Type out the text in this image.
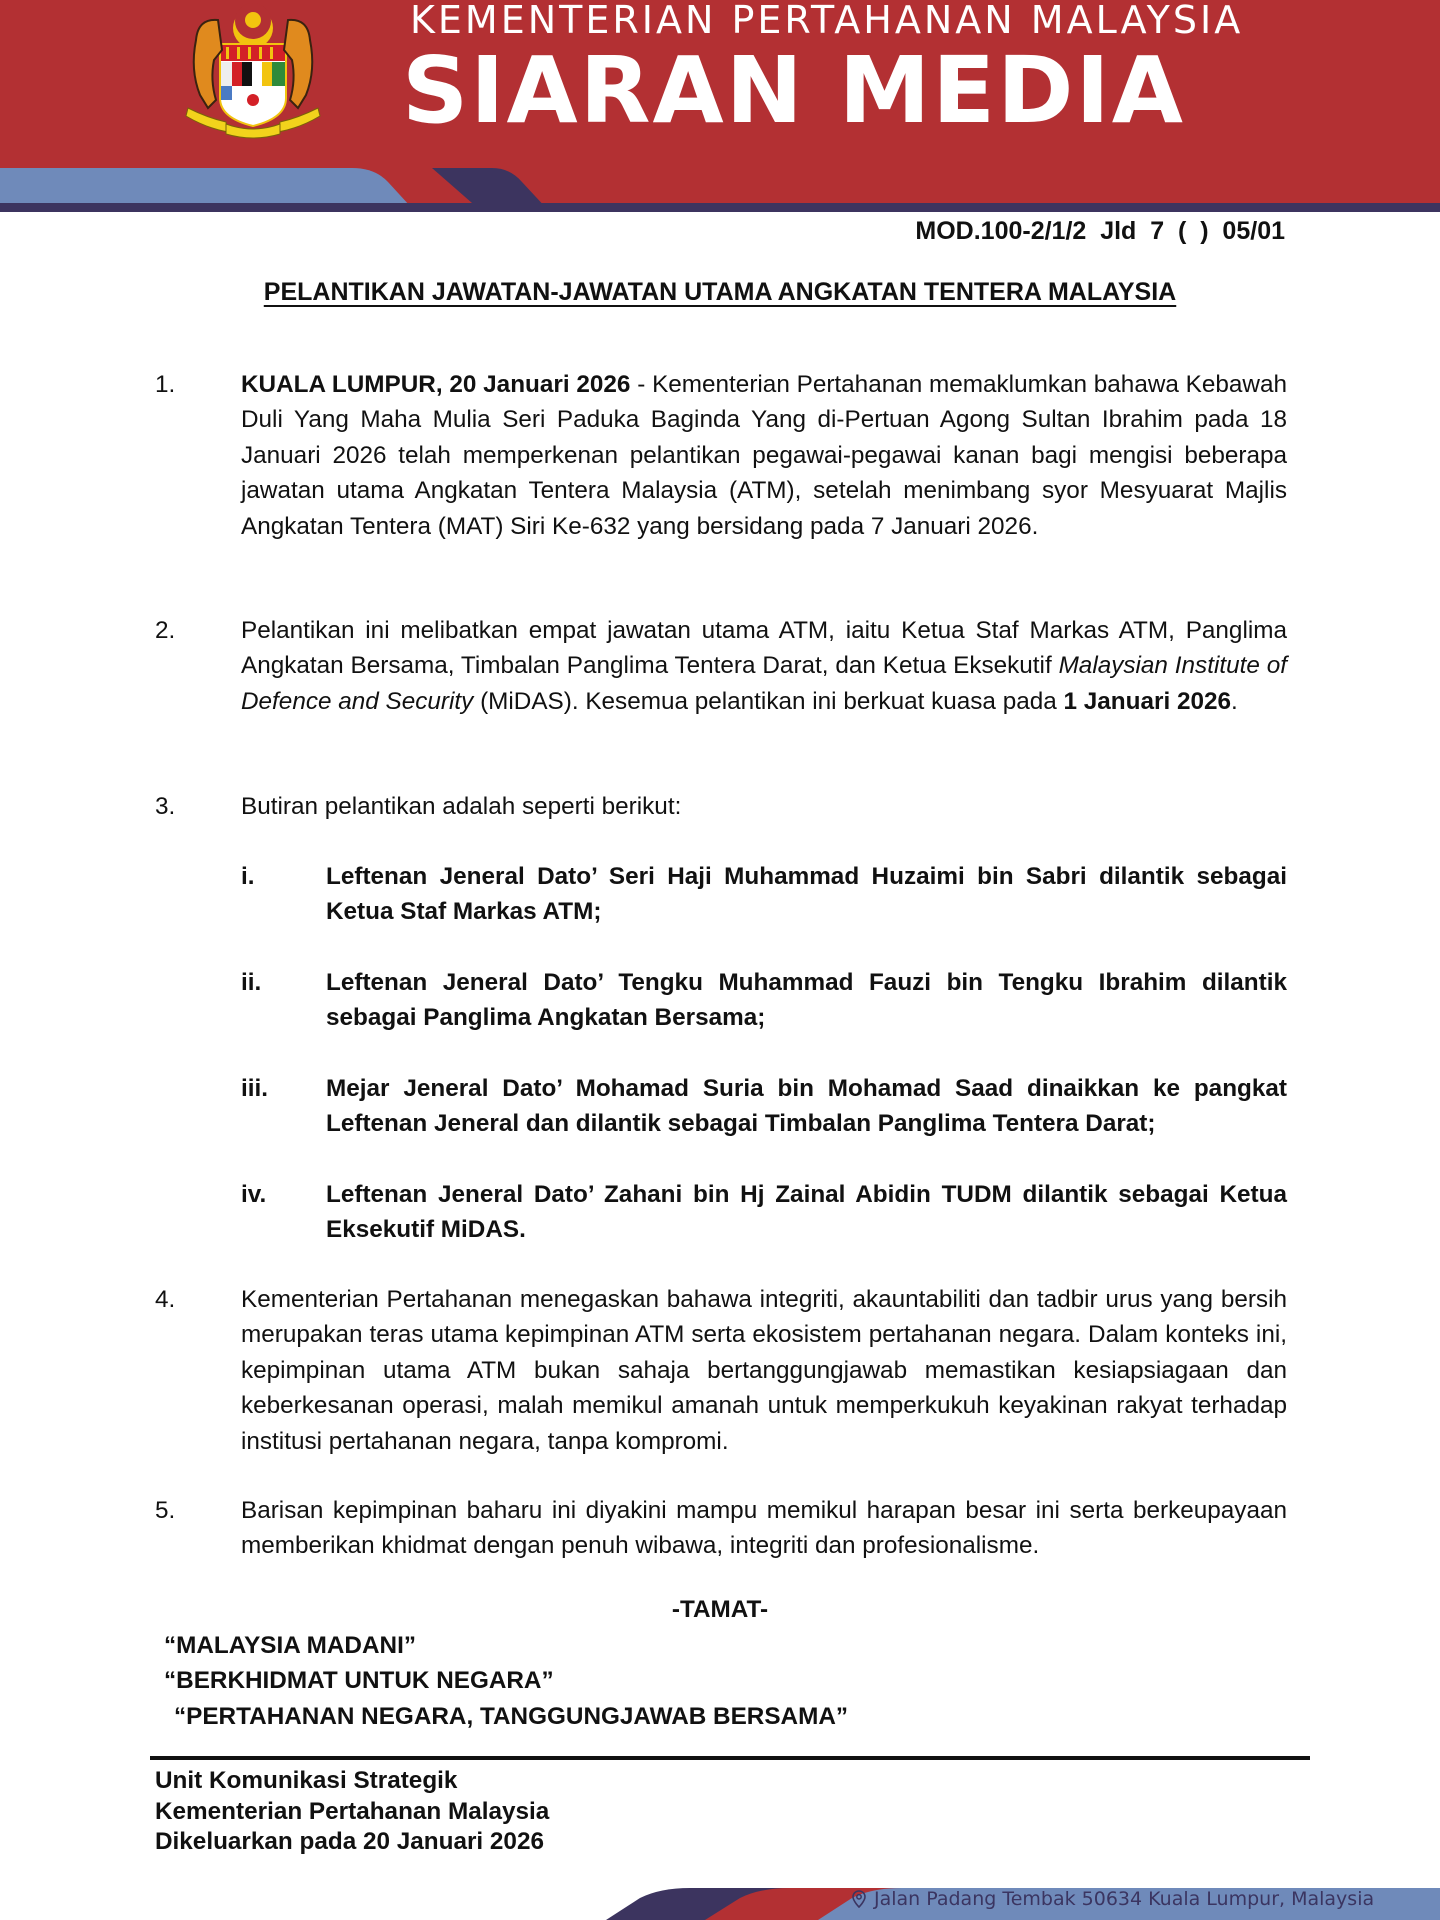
KEMENTERIAN PERTAHANAN MALAYSIA
SIARAN MEDIA
MOD.100-2/1/2  Jld  7  (  )  05/01
PELANTIKAN JAWATAN-JAWATAN UTAMA ANGKATAN TENTERA MALAYSIA
1.	KUALA LUMPUR, 20 Januari 2026 - Kementerian Pertahanan memaklumkan bahawa Kebawah Duli Yang Maha Mulia Seri Paduka Baginda Yang di-Pertuan Agong Sultan Ibrahim pada 18 Januari 2026 telah memperkenan pelantikan pegawai-pegawai kanan bagi mengisi beberapa jawatan utama Angkatan Tentera Malaysia (ATM), setelah menimbang syor Mesyuarat Majlis Angkatan Tentera (MAT) Siri Ke-632 yang bersidang pada 7 Januari 2026.
2.	Pelantikan ini melibatkan empat jawatan utama ATM, iaitu Ketua Staf Markas ATM, Panglima Angkatan Bersama, Timbalan Panglima Tentera Darat, dan Ketua Eksekutif Malaysian Institute of Defence and Security (MiDAS). Kesemua pelantikan ini berkuat kuasa pada 1 Januari 2026.
3.	Butiran pelantikan adalah seperti berikut:
i.	Leftenan Jeneral Dato’ Seri Haji Muhammad Huzaimi bin Sabri dilantik sebagai Ketua Staf Markas ATM;
ii.	Leftenan Jeneral Dato’ Tengku Muhammad Fauzi bin Tengku Ibrahim dilantik sebagai Panglima Angkatan Bersama;
iii. Mejar Jeneral Dato’ Mohamad Suria bin Mohamad Saad dinaikkan ke pangkat Leftenan Jeneral dan dilantik sebagai Timbalan Panglima Tentera Darat;
iv. Leftenan Jeneral Dato’ Zahani bin Hj Zainal Abidin TUDM dilantik sebagai Ketua Eksekutif MiDAS.
4.	Kementerian Pertahanan menegaskan bahawa integriti, akauntabiliti dan tadbir urus yang bersih merupakan teras utama kepimpinan ATM serta ekosistem pertahanan negara. Dalam konteks ini, kepimpinan utama ATM bukan sahaja bertanggungjawab memastikan kesiapsiagaan dan keberkesanan operasi, malah memikul amanah untuk memperkukuh keyakinan rakyat terhadap institusi pertahanan negara, tanpa kompromi.
5.	Barisan kepimpinan baharu ini diyakini mampu memikul harapan besar ini serta berkeupayaan memberikan khidmat dengan penuh wibawa, integriti dan profesionalisme.
-TAMAT-
“MALAYSIA MADANI”
“BERKHIDMAT UNTUK NEGARA”
“PERTAHANAN NEGARA, TANGGUNGJAWAB BERSAMA”
Unit Komunikasi Strategik
Kementerian Pertahanan Malaysia
Dikeluarkan pada 20 Januari 2026
Jalan Padang Tembak 50634 Kuala Lumpur, Malaysia
